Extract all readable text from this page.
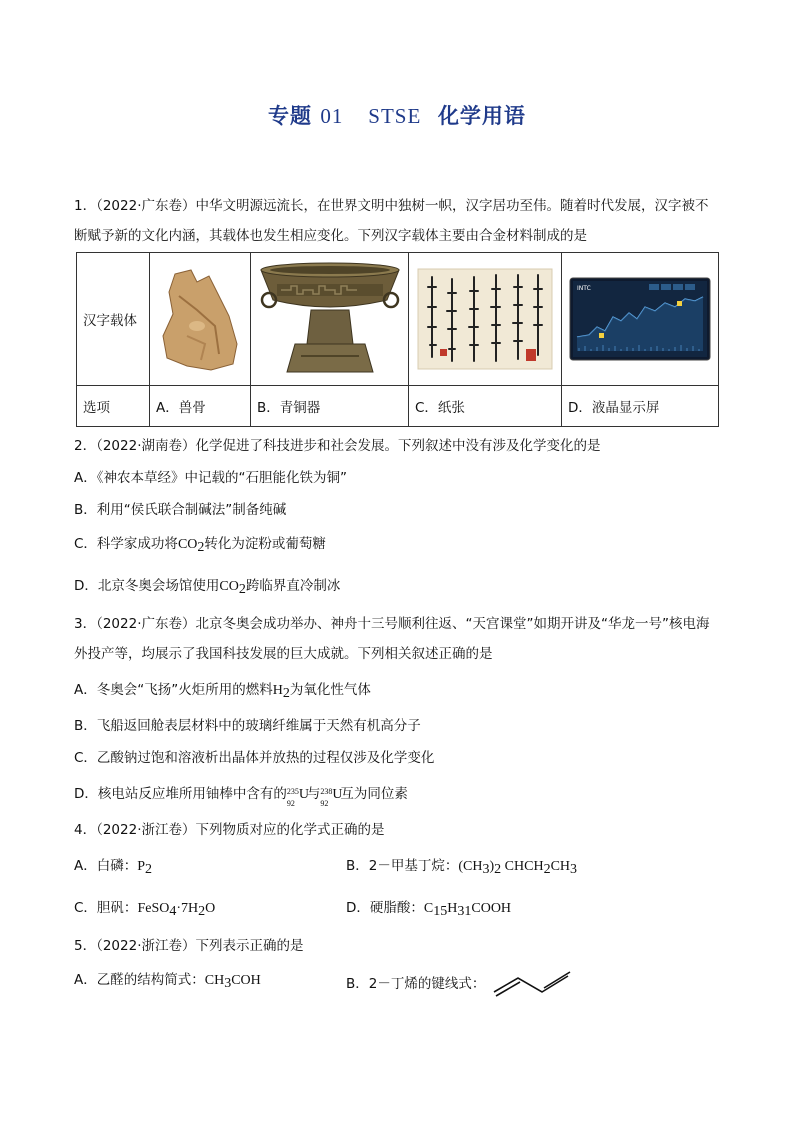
专题 01 STSE 化学用语
1．（2022·广东卷）中华文明源远流长，在世界文明中独树一帜，汉字居功至伟。随着时代发展，汉字被不
断赋予新的文化内涵，其载体也发生相应变化。下列汉字载体主要由合金材料制成的是
汉字载体				INTC

选项	A．兽骨	B．青铜器	C．纸张	D．液晶显示屏
2．（2022·湖南卷）化学促进了科技进步和社会发展。下列叙述中没有涉及化学变化的是
A．《神农本草经》中记载的“石胆能化铁为铜”
B．利用“侯氏联合制碱法”制备纯碱
C．科学家成功将$CO_2$转化为淀粉或葡萄糖
D．北京冬奥会场馆使用$CO_2$跨临界直冷制冰
3．（2022·广东卷）北京冬奥会成功举办、神舟十三号顺利往返、“天宫课堂”如期开讲及“华龙一号”核电海
外投产等，均展示了我国科技发展的巨大成就。下列相关叙述正确的是
A．冬奥会“飞扬”火炬所用的燃料$H_2$为氧化性气体
B．飞船返回舱表层材料中的玻璃纤维属于天然有机高分子
C．乙酸钠过饱和溶液析出晶体并放热的过程仅涉及化学变化
D．核电站反应堆所用铀棒中含有的 235
92
U
与 238
92
U
互为同位素
4．（2022·浙江卷）下列物质对应的化学式正确的是
A．白磷：$P_2$	B．2－甲基丁烷：$(CH_3)_2$ $CHCH_2CH_3$
C．胆矾：$FeSO_4\cdot 7H_2O$	D．硬脂酸：$C_{15}H_{31}COOH$
5．（2022·浙江卷）下列表示正确的是
A．乙醛的结构简式：$CH_3COH$	B．2－丁烯的键线式：
